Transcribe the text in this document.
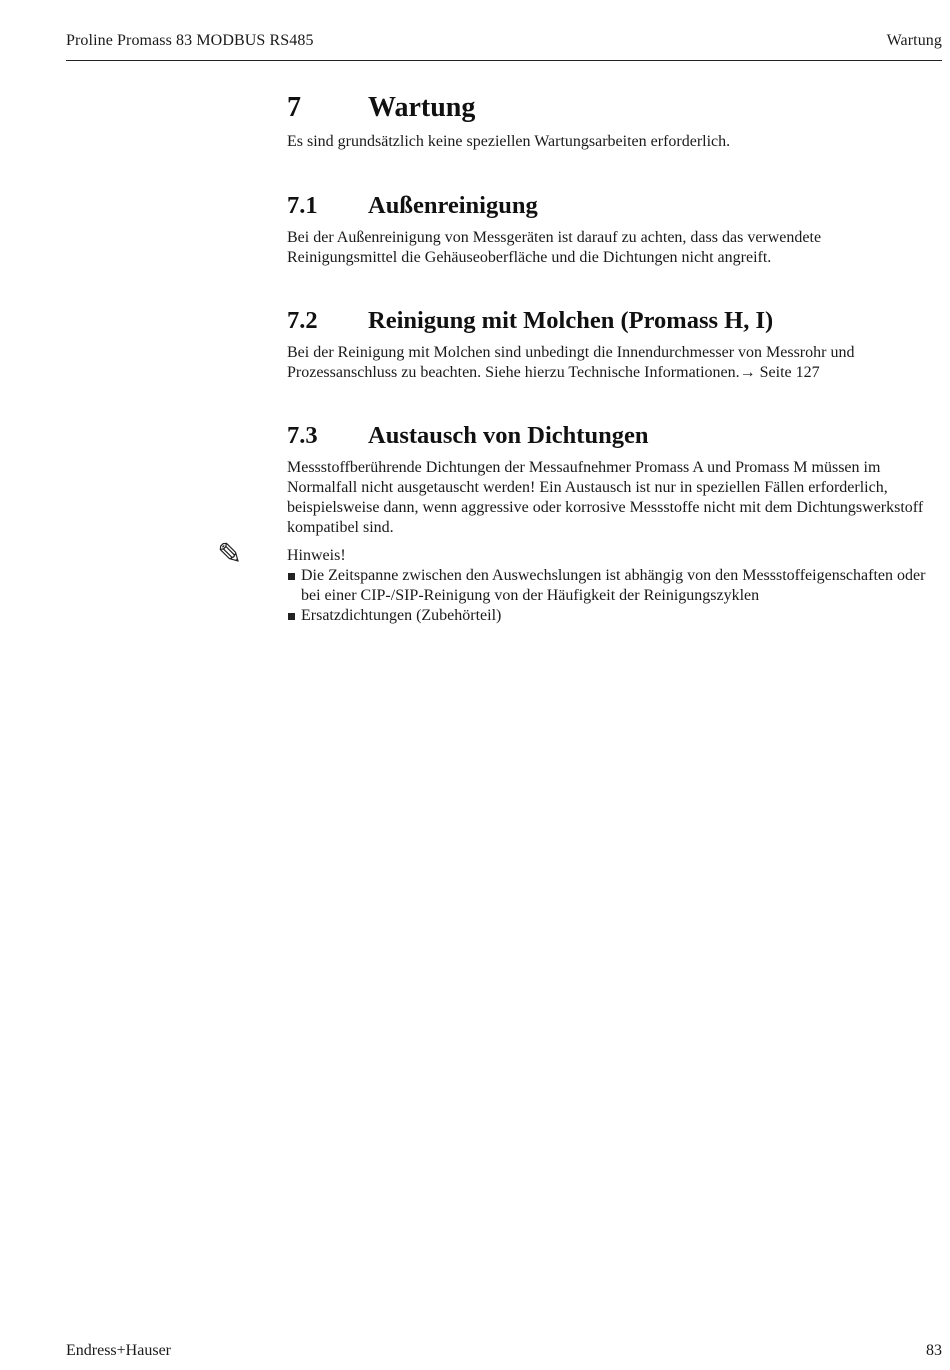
Proline Promass 83 MODBUS RS485	Wartung
7 Wartung

Es sind grundsätzlich keine speziellen Wartungsarbeiten erforderlich.

7.1 Außenreinigung

Bei der Außenreinigung von Messgeräten ist darauf zu achten, dass das verwendete Reinigungsmittel die Gehäuseoberfläche und die Dichtungen nicht angreift.

7.2 Reinigung mit Molchen (Promass H, I)

Bei der Reinigung mit Molchen sind unbedingt die Innendurchmesser von Messrohr und Prozessanschluss zu beachten. Siehe hierzu Technische Informationen.→ Seite 127

7.3 Austausch von Dichtungen

Messstoffberührende Dichtungen der Messaufnehmer Promass A und Promass M müssen im Normalfall nicht ausgetauscht werden! Ein Austausch ist nur in speziellen Fällen erforderlich, beispielsweise dann, wenn aggressive oder korrosive Messstoffe nicht mit dem Dichtungswerkstoff kompatibel sind.

✎	Hinweis!

Die Zeitspanne zwischen den Auswechslungen ist abhängig von den Messstoffeigenschaften oder bei einer CIP-/SIP-Reinigung von der Häufigkeit der Reinigungszyklen
Ersatzdichtungen (Zubehörteil)
Endress+Hauser	83
